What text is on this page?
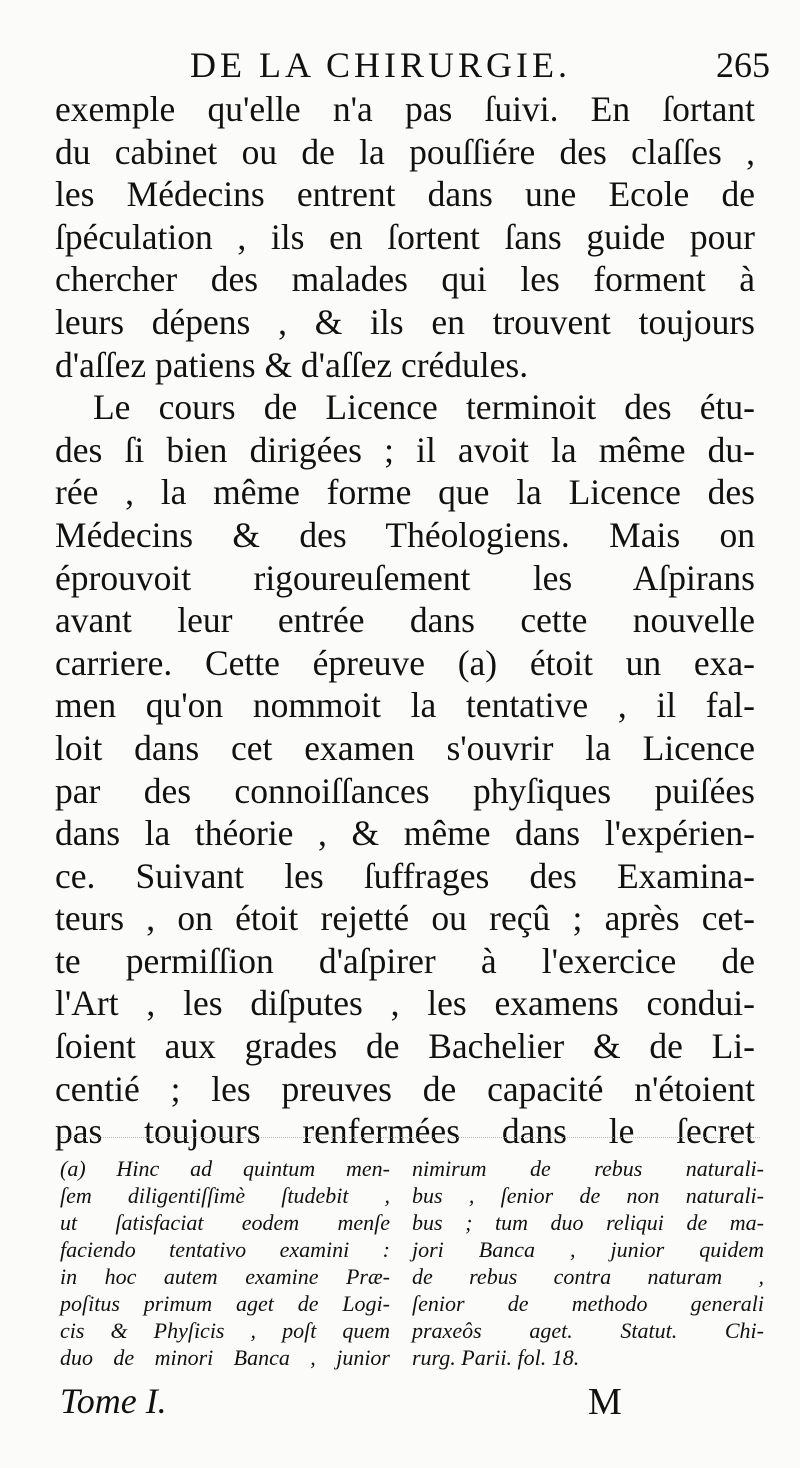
DE LA CHIRURGIE.	265
exemple qu'elle n'a pas ſuivi. En ſortant
du cabinet ou de la pouſſiére des claſſes ,
les Médecins entrent dans une Ecole de
ſpéculation , ils en ſortent ſans guide pour
chercher des malades qui les forment à
leurs dépens , & ils en trouvent toujours
d'aſſez patiens & d'aſſez crédules.
Le cours de Licence terminoit des étu-
des ſi bien dirigées ; il avoit la même du-
rée , la même forme que la Licence des
Médecins & des Théologiens. Mais on
éprouvoit rigoureuſement les Aſpirans
avant leur entrée dans cette nouvelle
carriere. Cette épreuve (a) étoit un exa-
men qu'on nommoit la tentative , il fal-
loit dans cet examen s'ouvrir la Licence
par des connoiſſances phyſiques puiſées
dans la théorie , & même dans l'expérien-
ce. Suivant les ſuffrages des Examina-
teurs , on étoit rejetté ou reçû ; après cet-
te permiſſion d'aſpirer à l'exercice de
l'Art , les diſputes , les examens condui-
ſoient aux grades de Bachelier & de Li-
centié ; les preuves de capacité n'étoient
pas toujours renfermées dans le ſecret
(a) Hinc ad quintum men-
ſem diligentiſſimè ſtudebit ,
ut ſatisfaciat eodem menſe
faciendo tentativo examini :
in hoc autem examine Præ-
poſitus primum aget de Logi-
cis & Phyſicis , poſt quem
duo de minori Banca , junior
nimirum de rebus naturali-
bus , ſenior de non naturali-
bus ; tum duo reliqui de ma-
jori Banca , junior quidem
de rebus contra naturam ,
ſenior de methodo generali
praxeôs aget. Statut. Chi-
rurg. Parii. fol. 18.
Tome I.	M
